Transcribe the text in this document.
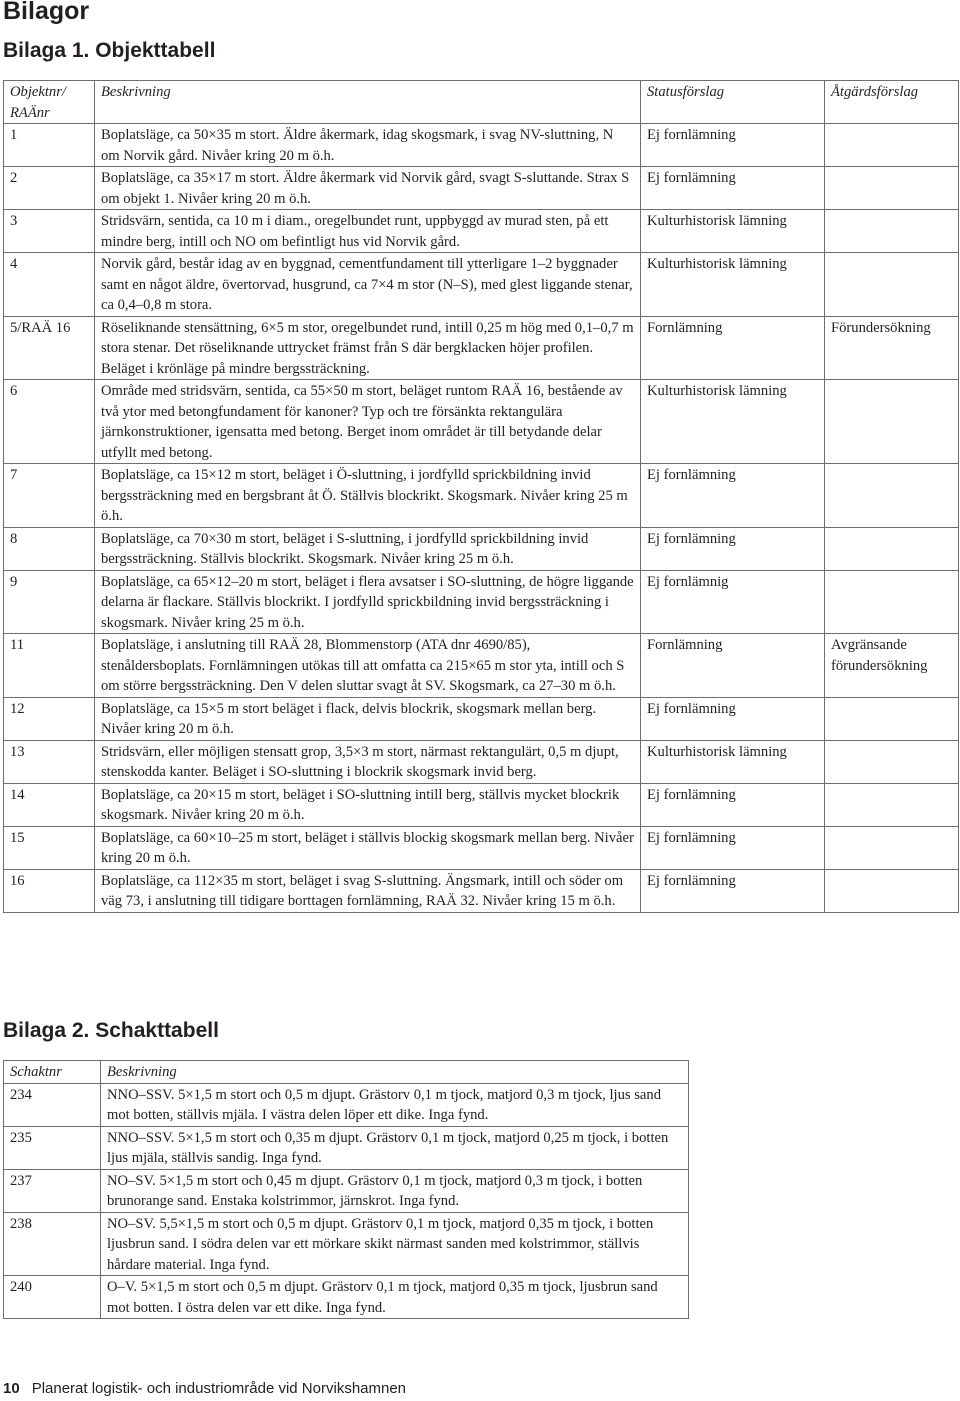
Bilagor
Bilaga 1. Objekttabell
Objektnr/ RAÄnr	Beskrivning	Statusförslag	Åtgärdsförslag
1	Boplatsläge, ca 50×35 m stort. Äldre åkermark, idag skogsmark, i svag NV-sluttning, N om Norvik gård. Nivåer kring 20 m ö.h.	Ej fornlämning	
2	Boplatsläge, ca 35×17 m stort. Äldre åkermark vid Norvik gård, svagt S-sluttande. Strax S om objekt 1. Nivåer kring 20 m ö.h.	Ej fornlämning	
3	Stridsvärn, sentida, ca 10 m i diam., oregelbundet runt, uppbyggd av murad sten, på ett mindre berg, intill och NO om befintligt hus vid Norvik gård.	Kulturhistorisk lämning	
4	Norvik gård, består idag av en byggnad, cementfundament till ytterligare 1–2 byggnader samt en något äldre, övertorvad, husgrund, ca 7×4 m stor (N–S), med glest liggande stenar, ca 0,4–0,8 m stora.	Kulturhistorisk lämning	
5/RAÄ 16	Röseliknande stensättning, 6×5 m stor, oregelbundet rund, intill 0,25 m hög med 0,1–0,7 m stora stenar. Det röseliknande uttrycket främst från S där bergklacken höjer profilen. Beläget i krönläge på mindre bergssträckning.	Fornlämning	Förundersökning
6	Område med stridsvärn, sentida, ca 55×50 m stort, beläget runtom RAÄ 16, bestående av två ytor med betongfundament för kanoner? Typ och tre försänkta rektangulära järnkonstruktioner, igensatta med betong. Berget inom området är till betydande delar utfyllt med betong.	Kulturhistorisk lämning	
7	Boplatsläge, ca 15×12 m stort, beläget i Ö-sluttning, i jordfylld sprickbildning invid bergssträckning med en bergsbrant åt Ö. Ställvis blockrikt. Skogsmark. Nivåer kring 25 m ö.h.	Ej fornlämning	
8	Boplatsläge, ca 70×30 m stort, beläget i S-sluttning, i jordfylld sprickbildning invid bergssträckning. Ställvis blockrikt. Skogsmark. Nivåer kring 25 m ö.h.	Ej fornlämning	
9	Boplatsläge, ca 65×12–20 m stort, beläget i flera avsatser i SO-sluttning, de högre liggande delarna är flackare. Ställvis blockrikt. I jordfylld sprickbildning invid bergssträckning i skogsmark. Nivåer kring 25 m ö.h.	Ej fornlämnig	
11	Boplatsläge, i anslutning till RAÄ 28, Blommenstorp (ATA dnr 4690/85), stenåldersboplats. Fornlämningen utökas till att omfatta ca 215×65 m stor yta, intill och S om större bergssträckning. Den V delen sluttar svagt åt SV. Skogsmark, ca 27–30 m ö.h.	Fornlämning	Avgränsande förundersökning
12	Boplatsläge, ca 15×5 m stort beläget i flack, delvis blockrik, skogsmark mellan berg. Nivåer kring 20 m ö.h.	Ej fornlämning	
13	Stridsvärn, eller möjligen stensatt grop, 3,5×3 m stort, närmast rektangulärt, 0,5 m djupt, stenskodda kanter. Beläget i SO-sluttning i blockrik skogsmark invid berg.	Kulturhistorisk lämning	
14	Boplatsläge, ca 20×15 m stort, beläget i SO-sluttning intill berg, ställvis mycket blockrik skogsmark. Nivåer kring 20 m ö.h.	Ej fornlämning	
15	Boplatsläge, ca 60×10–25 m stort, beläget i ställvis blockig skogsmark mellan berg. Nivåer kring 20 m ö.h.	Ej fornlämning	
16	Boplatsläge, ca 112×35 m stort, beläget i svag S-sluttning. Ängsmark, intill och söder om väg 73, i anslutning till tidigare borttagen fornlämning, RAÄ 32. Nivåer kring 15 m ö.h.	Ej fornlämning	
Bilaga 2. Schakttabell
Schaktnr	Beskrivning
234	NNO–SSV. 5×1,5 m stort och 0,5 m djupt. Grästorv 0,1 m tjock, matjord 0,3 m tjock, ljus sand mot botten, ställvis mjäla. I västra delen löper ett dike. Inga fynd.
235	NNO–SSV. 5×1,5 m stort och 0,35 m djupt. Grästorv 0,1 m tjock, matjord 0,25 m tjock, i botten ljus mjäla, ställvis sandig. Inga fynd.
237	NO–SV. 5×1,5 m stort och 0,45 m djupt. Grästorv 0,1 m tjock, matjord 0,3 m tjock, i botten brunorange sand. Enstaka kolstrimmor, järnskrot. Inga fynd.
238	NO–SV. 5,5×1,5 m stort och 0,5 m djupt. Grästorv 0,1 m tjock, matjord 0,35 m tjock, i botten ljusbrun sand. I södra delen var ett mörkare skikt närmast sanden med kolstrimmor, ställvis hårdare material. Inga fynd.
240	O–V. 5×1,5 m stort och 0,5 m djupt. Grästorv 0,1 m tjock, matjord 0,35 m tjock, ljusbrun sand mot botten. I östra delen var ett dike. Inga fynd.
10 Planerat logistik- och industriområde vid Norvikshamnen
